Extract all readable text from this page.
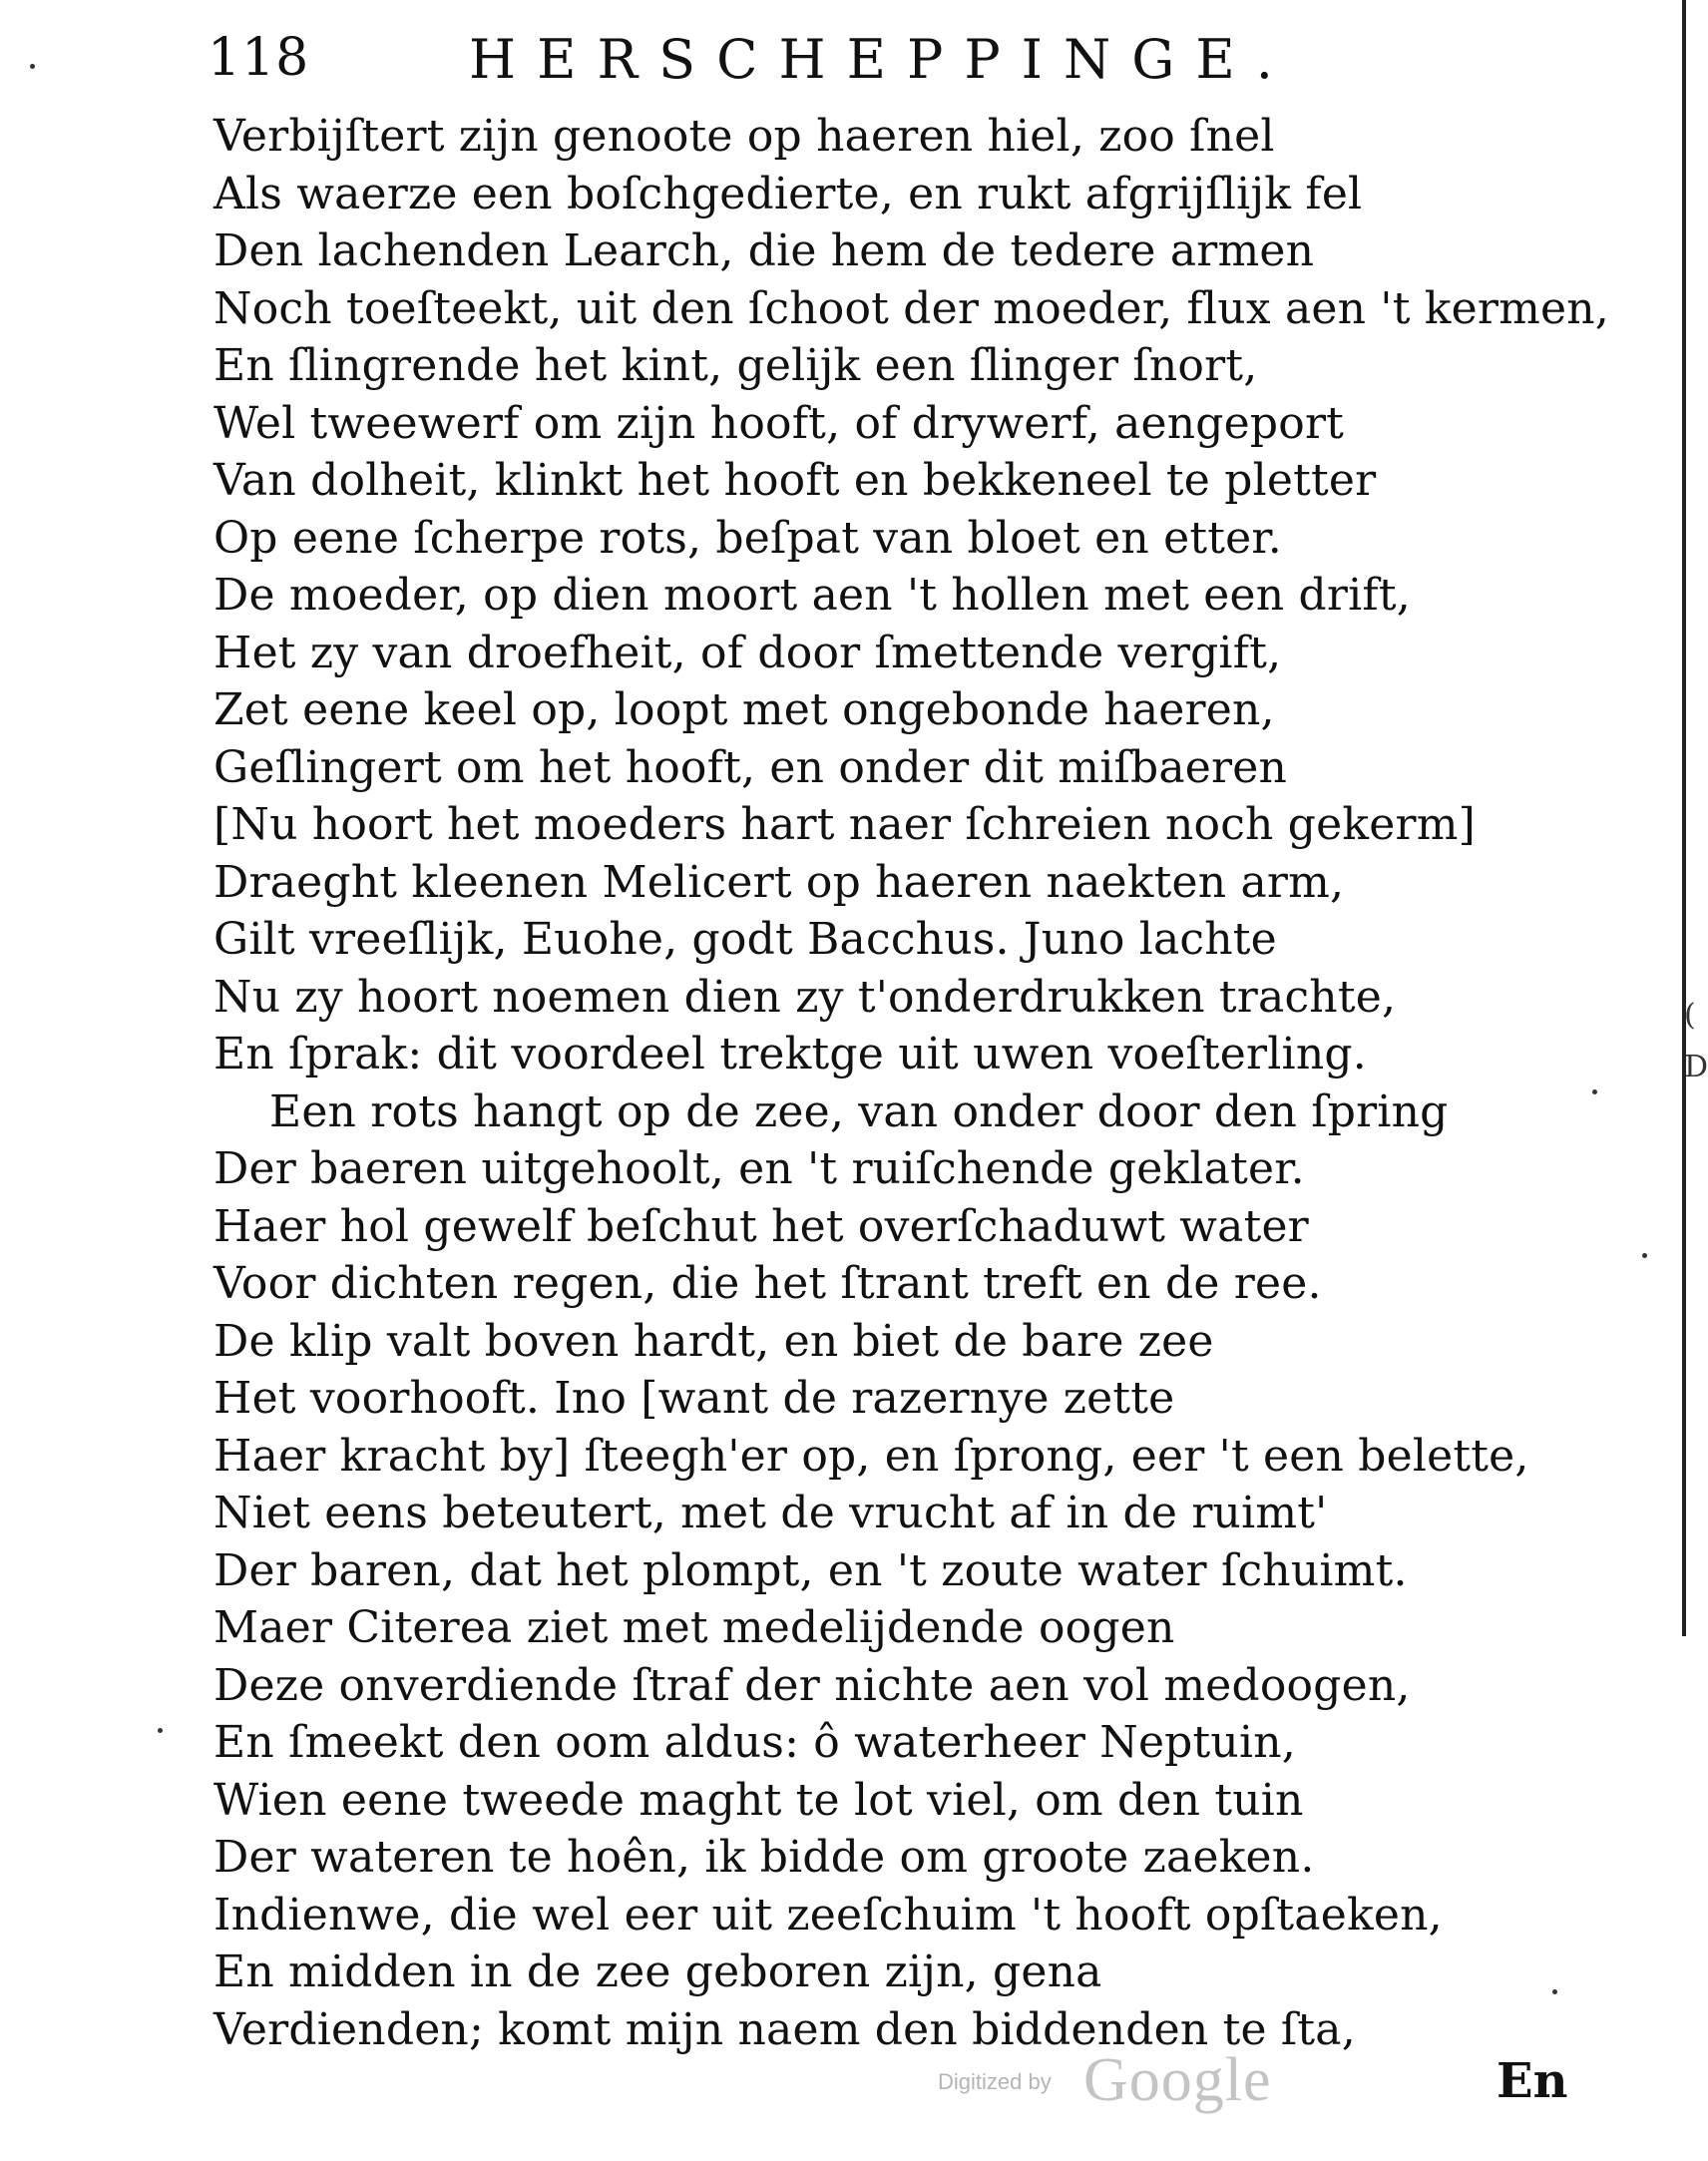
118	HERSCHEPPINGE.
Verbijſtert zijn genoote op haeren hiel, zoo ſnel
Als waerze een boſchgedierte, en rukt afgrijſlijk fel
Den lachenden Learch, die hem de tedere armen
Noch toeſteekt, uit den ſchoot der moeder, flux aen 't kermen,
En ſlingrende het kint, gelijk een ſlinger ſnort,
Wel tweewerf om zijn hooft, of drywerf, aengeport
Van dolheit, klinkt het hooft en bekkeneel te pletter
Op eene ſcherpe rots, beſpat van bloet en etter.
De moeder, op dien moort aen 't hollen met een drift,
Het zy van droefheit, of door ſmettende vergift,
Zet eene keel op, loopt met ongebonde haeren,
Geſlingert om het hooft, en onder dit miſbaeren
[Nu hoort het moeders hart naer ſchreien noch gekerm]
Draeght kleenen Melicert op haeren naekten arm,
Gilt vreeſlijk, Euohe, godt Bacchus. Juno lachte
Nu zy hoort noemen dien zy t'onderdrukken trachte,
En ſprak: dit voordeel trektge uit uwen voeſterling.
Een rots hangt op de zee, van onder door den ſpring
Der baeren uitgehoolt, en 't ruiſchende geklater.
Haer hol gewelf beſchut het overſchaduwt water
Voor dichten regen, die het ſtrant treft en de ree.
De klip valt boven hardt, en biet de bare zee
Het voorhooft. Ino [want de razernye zette
Haer kracht by] ſteegh'er op, en ſprong, eer 't een belette,
Niet eens beteutert, met de vrucht af in de ruimt'
Der baren, dat het plompt, en 't zoute water ſchuimt.
Maer Citerea ziet met medelijdende oogen
Deze onverdiende ſtraf der nichte aen vol medoogen,
En ſmeekt den oom aldus: ô waterheer Neptuin,
Wien eene tweede maght te lot viel, om den tuin
Der wateren te hoên, ik bidde om groote zaeken.
Indienwe, die wel eer uit zeeſchuim 't hooft opſtaeken,
En midden in de zee geboren zijn, gena
Verdienden; komt mijn naem den biddenden te ſta,
Digitized by Google	En
(
D
